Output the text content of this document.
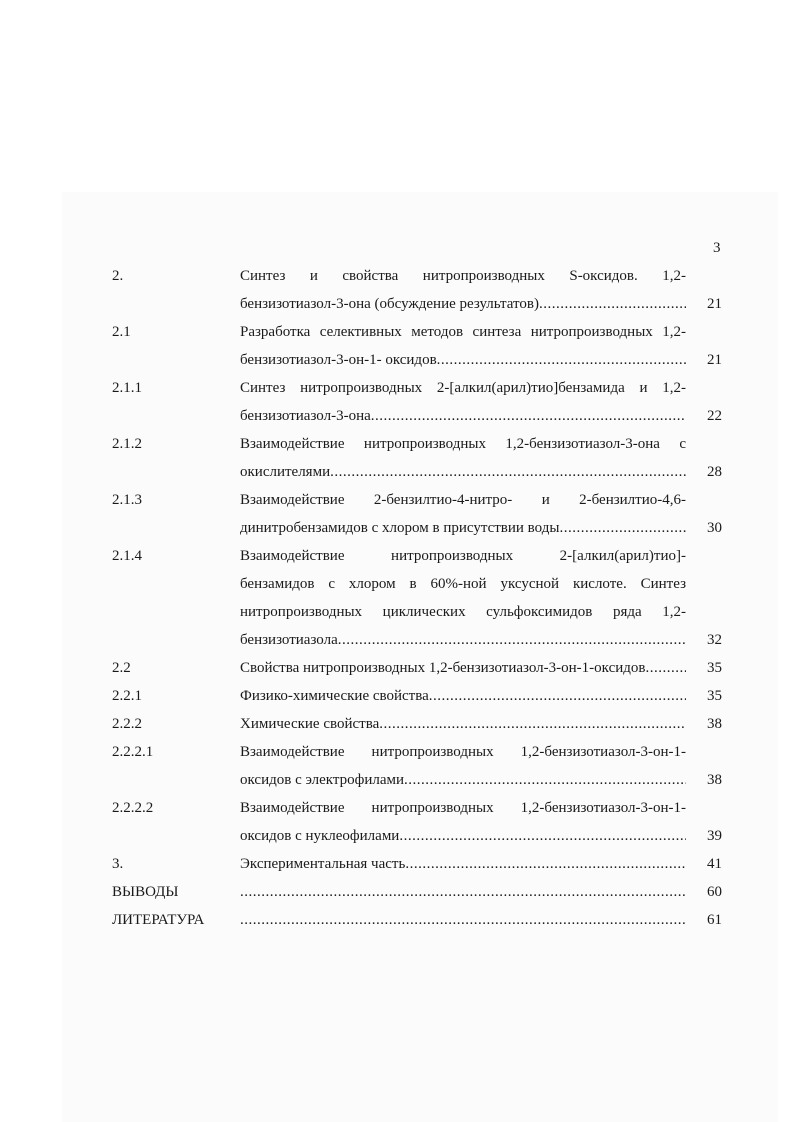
3
2.	Синтез и свойства нитропроизводных S-оксидов. 1,2-
бензизотиазол-3-она (обсуждение результатов) .....	21
2.1	Разработка селективных методов синтеза нитропроизводных 1,2-
бензизотиазол-3-он-1- оксидов .....	21
2.1.1	Синтез нитропроизводных 2-[алкил(арил)тио]бензамида и 1,2-
бензизотиазол-3-она .....	22
2.1.2	Взаимодействие нитропроизводных 1,2-бензизотиазол-3-она с
окислителями .....	28
2.1.3	Взаимодействие 2-бензилтио-4-нитро- и 2-бензилтио-4,6-
динитробензамидов с хлором в присутствии воды .....	30
2.1.4	Взаимодействие нитропроизводных 2-[алкил(арил)тио]-
бензамидов с хлором в 60%-ной уксусной кислоте. Синтез
нитропроизводных циклических сульфоксимидов ряда 1,2-
бензизотиазола .....	32
2.2	Свойства нитропроизводных 1,2-бензизотиазол-3-он-1-оксидов .....	35
2.2.1	Физико-химические свойства .....	35
2.2.2	Химические свойства .....	38
2.2.2.1	Взаимодействие нитропроизводных 1,2-бензизотиазол-3-он-1-
оксидов с электрофилами .....	38
2.2.2.2	Взаимодействие нитропроизводных 1,2-бензизотиазол-3-он-1-
оксидов с нуклеофилами .....	39
3.	Экспериментальная часть .....	41
ВЫВОДЫ .....	60
ЛИТЕРАТУРА .....	61
